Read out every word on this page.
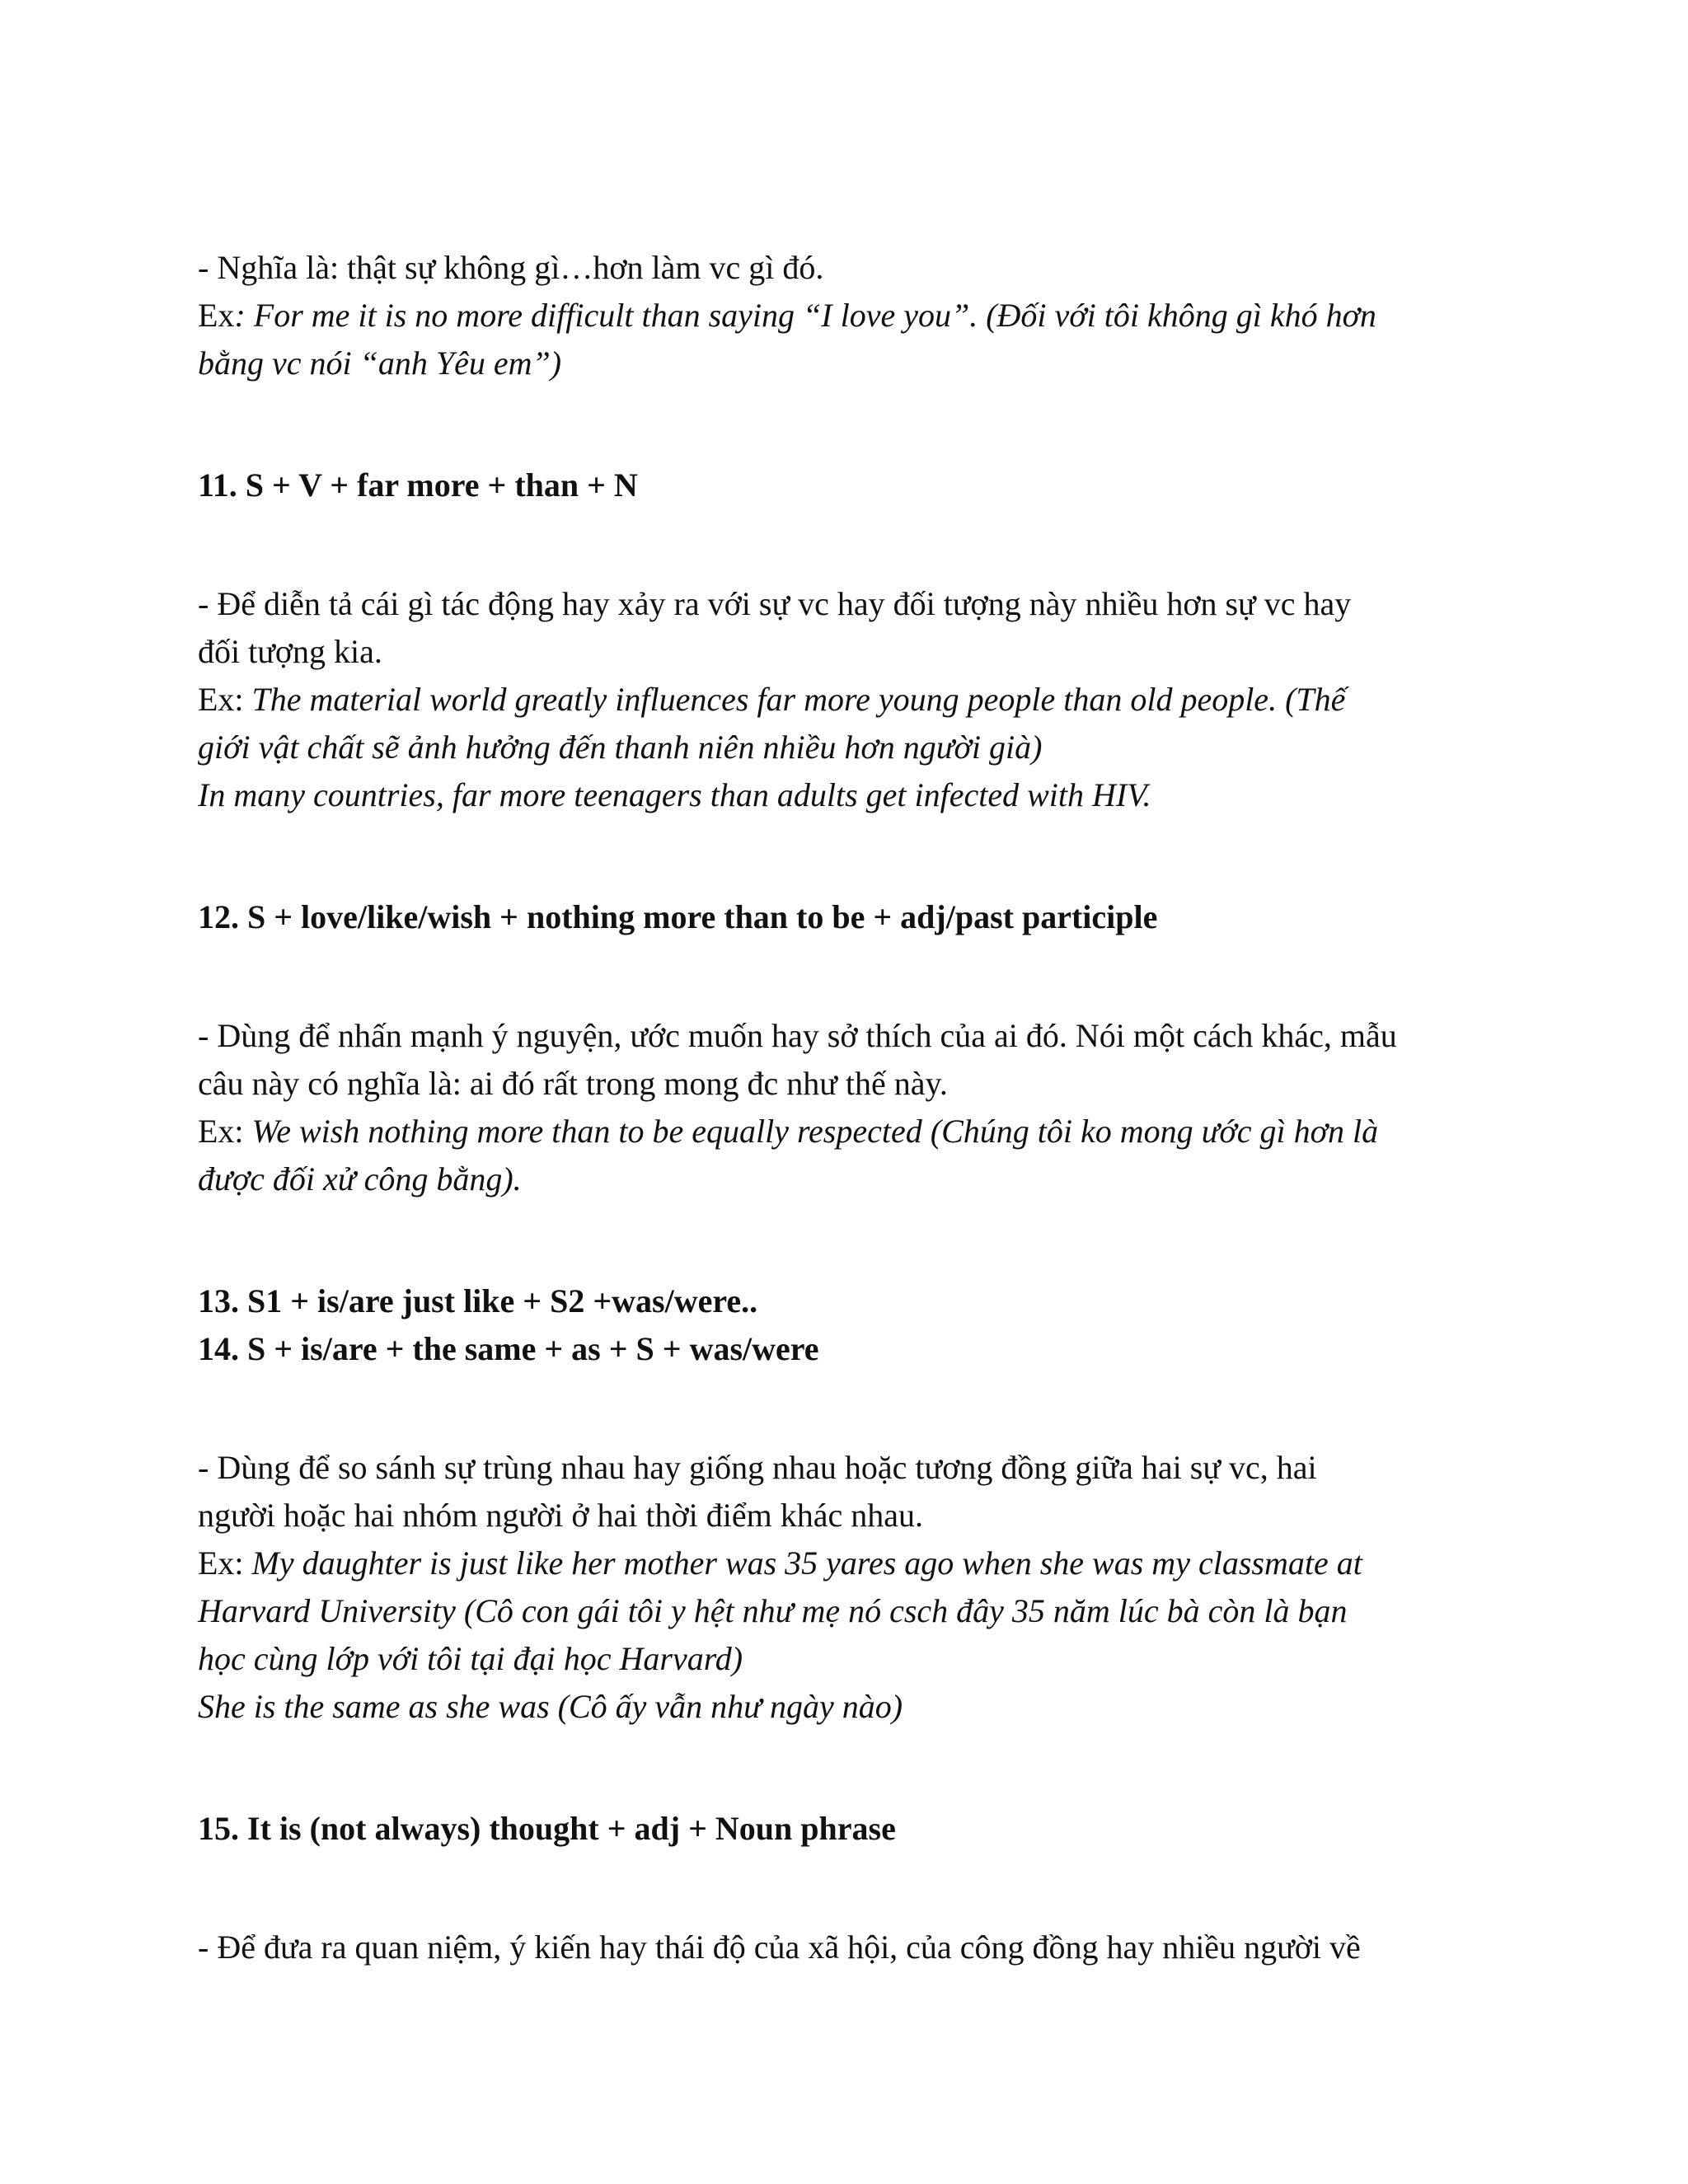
- Nghĩa là: thật sự không gì…hơn làm vc gì đó.
Ex: For me it is no more difficult than saying “I love you”. (Đối với tôi không gì khó hơn
bằng vc nói “anh Yêu em”)
11. S + V + far more + than + N
- Để diễn tả cái gì tác động hay xảy ra với sự vc hay đối tượng này nhiều hơn sự vc hay
đối tượng kia.
Ex: The material world greatly influences far more young people than old people. (Thế
giới vật chất sẽ ảnh hưởng đến thanh niên nhiều hơn người già)
In many countries, far more teenagers than adults get infected with HIV.
12. S + love/like/wish + nothing more than to be + adj/past participle
- Dùng để nhấn mạnh ý nguyện, ước muốn hay sở thích của ai đó. Nói một cách khác, mẫu
câu này có nghĩa là: ai đó rất trong mong đc như thế này.
Ex: We wish nothing more than to be equally respected (Chúng tôi ko mong ước gì hơn là
được đối xử công bằng).
13. S1 + is/are just like + S2 +was/were..
14. S + is/are + the same + as + S + was/were
- Dùng để so sánh sự trùng nhau hay giống nhau hoặc tương đồng giữa hai sự vc, hai
người hoặc hai nhóm người ở hai thời điểm khác nhau.
Ex: My daughter is just like her mother was 35 yares ago when she was my classmate at
Harvard University (Cô con gái tôi y hệt như mẹ nó csch đây 35 năm lúc bà còn là bạn
học cùng lớp với tôi tại đại học Harvard)
She is the same as she was (Cô ấy vẫn như ngày nào)
15. It is (not always) thought + adj + Noun phrase
- Để đưa ra quan niệm, ý kiến hay thái độ của xã hội, của công đồng hay nhiều người về
